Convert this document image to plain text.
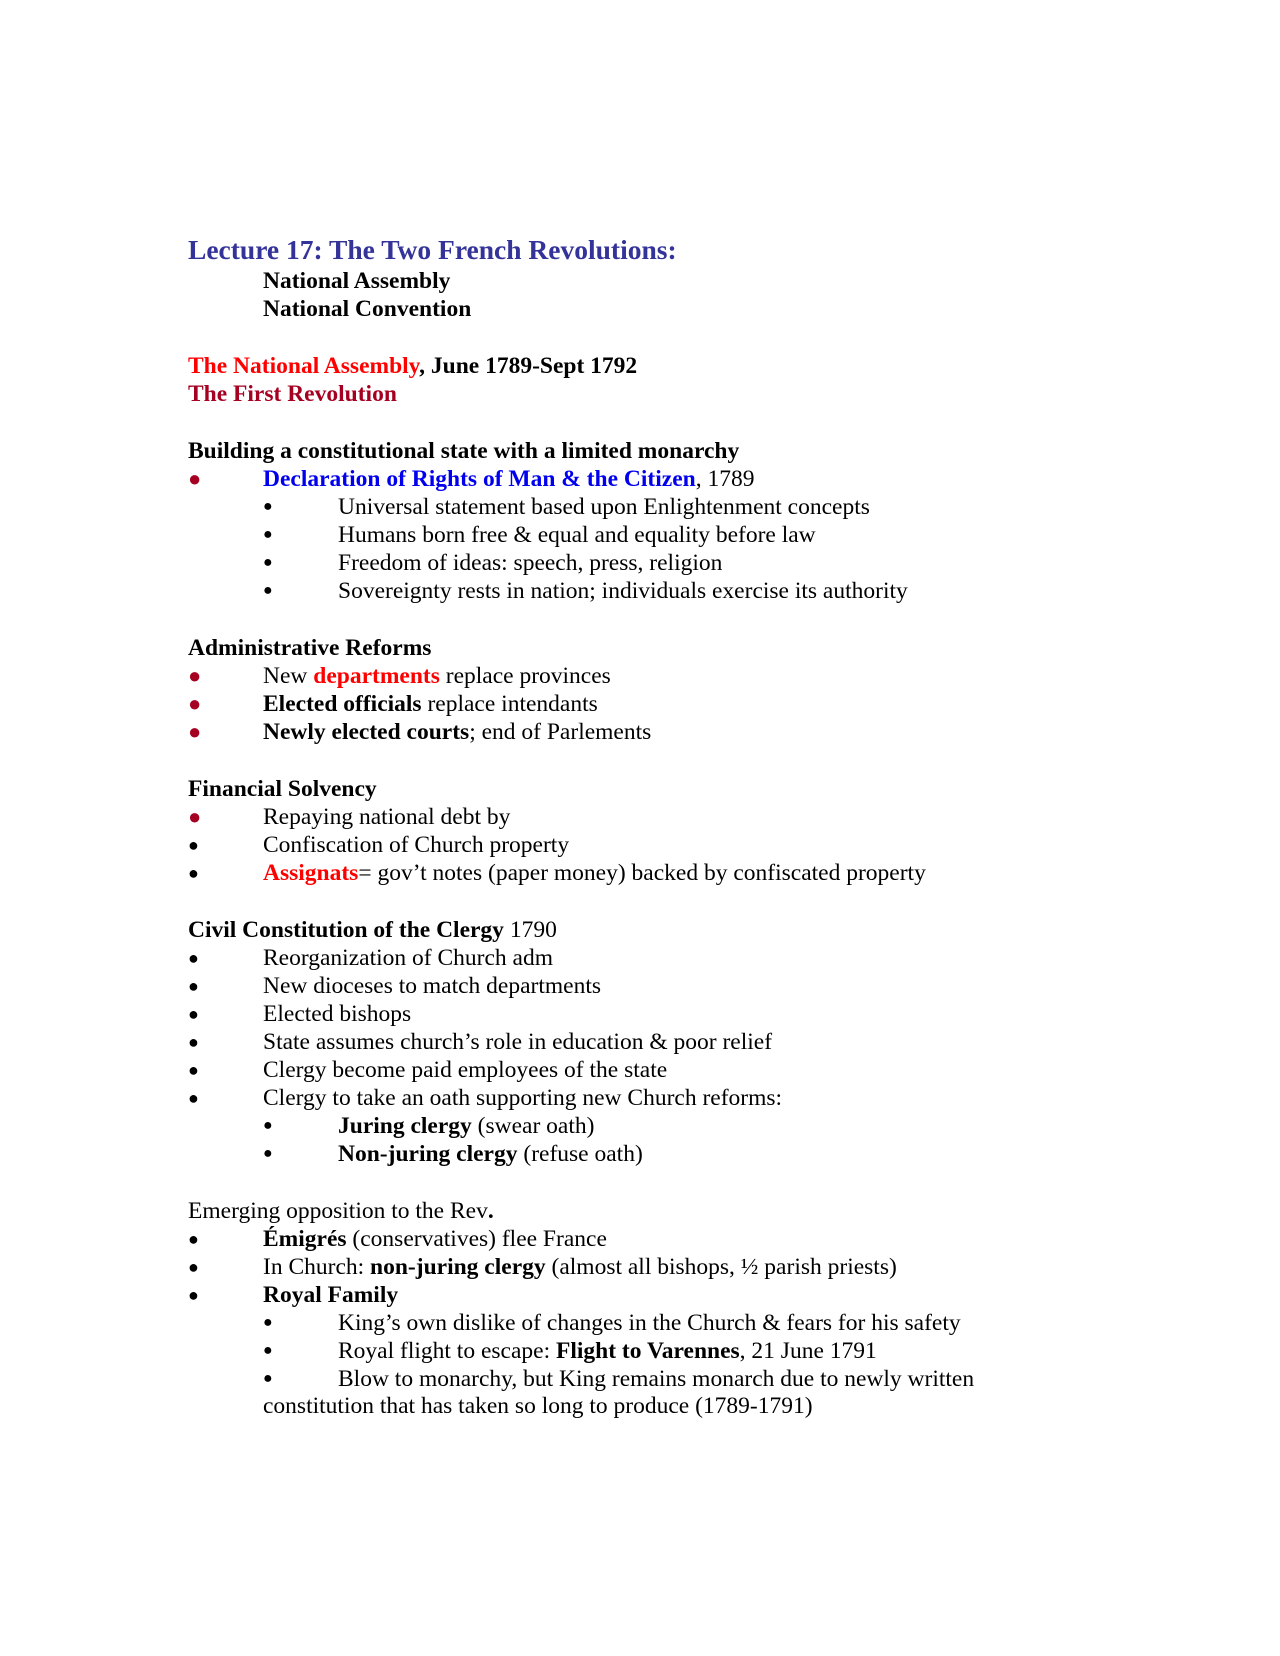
Lecture 17: The Two French Revolutions:
National Assembly
National Convention
The National Assembly, June 1789-Sept 1792
The First Revolution
Building a constitutional state with a limited monarchy
●	Declaration of Rights of Man & the Citizen, 1789
●	Universal statement based upon Enlightenment concepts
●	Humans born free & equal and equality before law
●	Freedom of ideas: speech, press, religion
●	Sovereignty rests in nation; individuals exercise its authority
Administrative Reforms
●	New departments replace provinces
●	Elected officials replace intendants
●	Newly elected courts; end of Parlements
Financial Solvency
●	Repaying national debt by
●	Confiscation of Church property
●	Assignats= gov’t notes (paper money) backed by confiscated property
Civil Constitution of the Clergy 1790
●	Reorganization of Church adm
●	New dioceses to match departments
●	Elected bishops
●	State assumes church’s role in education & poor relief
●	Clergy become paid employees of the state
●	Clergy to take an oath supporting new Church reforms:
●	Juring clergy (swear oath)
●	Non-juring clergy (refuse oath)
Emerging opposition to the Rev.
●	Émigrés (conservatives) flee France
●	In Church: non-juring clergy (almost all bishops, ½ parish priests)
●	Royal Family
●	King’s own dislike of changes in the Church & fears for his safety
●	Royal flight to escape: Flight to Varennes, 21 June 1791
●	Blow to monarchy, but King remains monarch due to newly written
constitution that has taken so long to produce (1789-1791)
